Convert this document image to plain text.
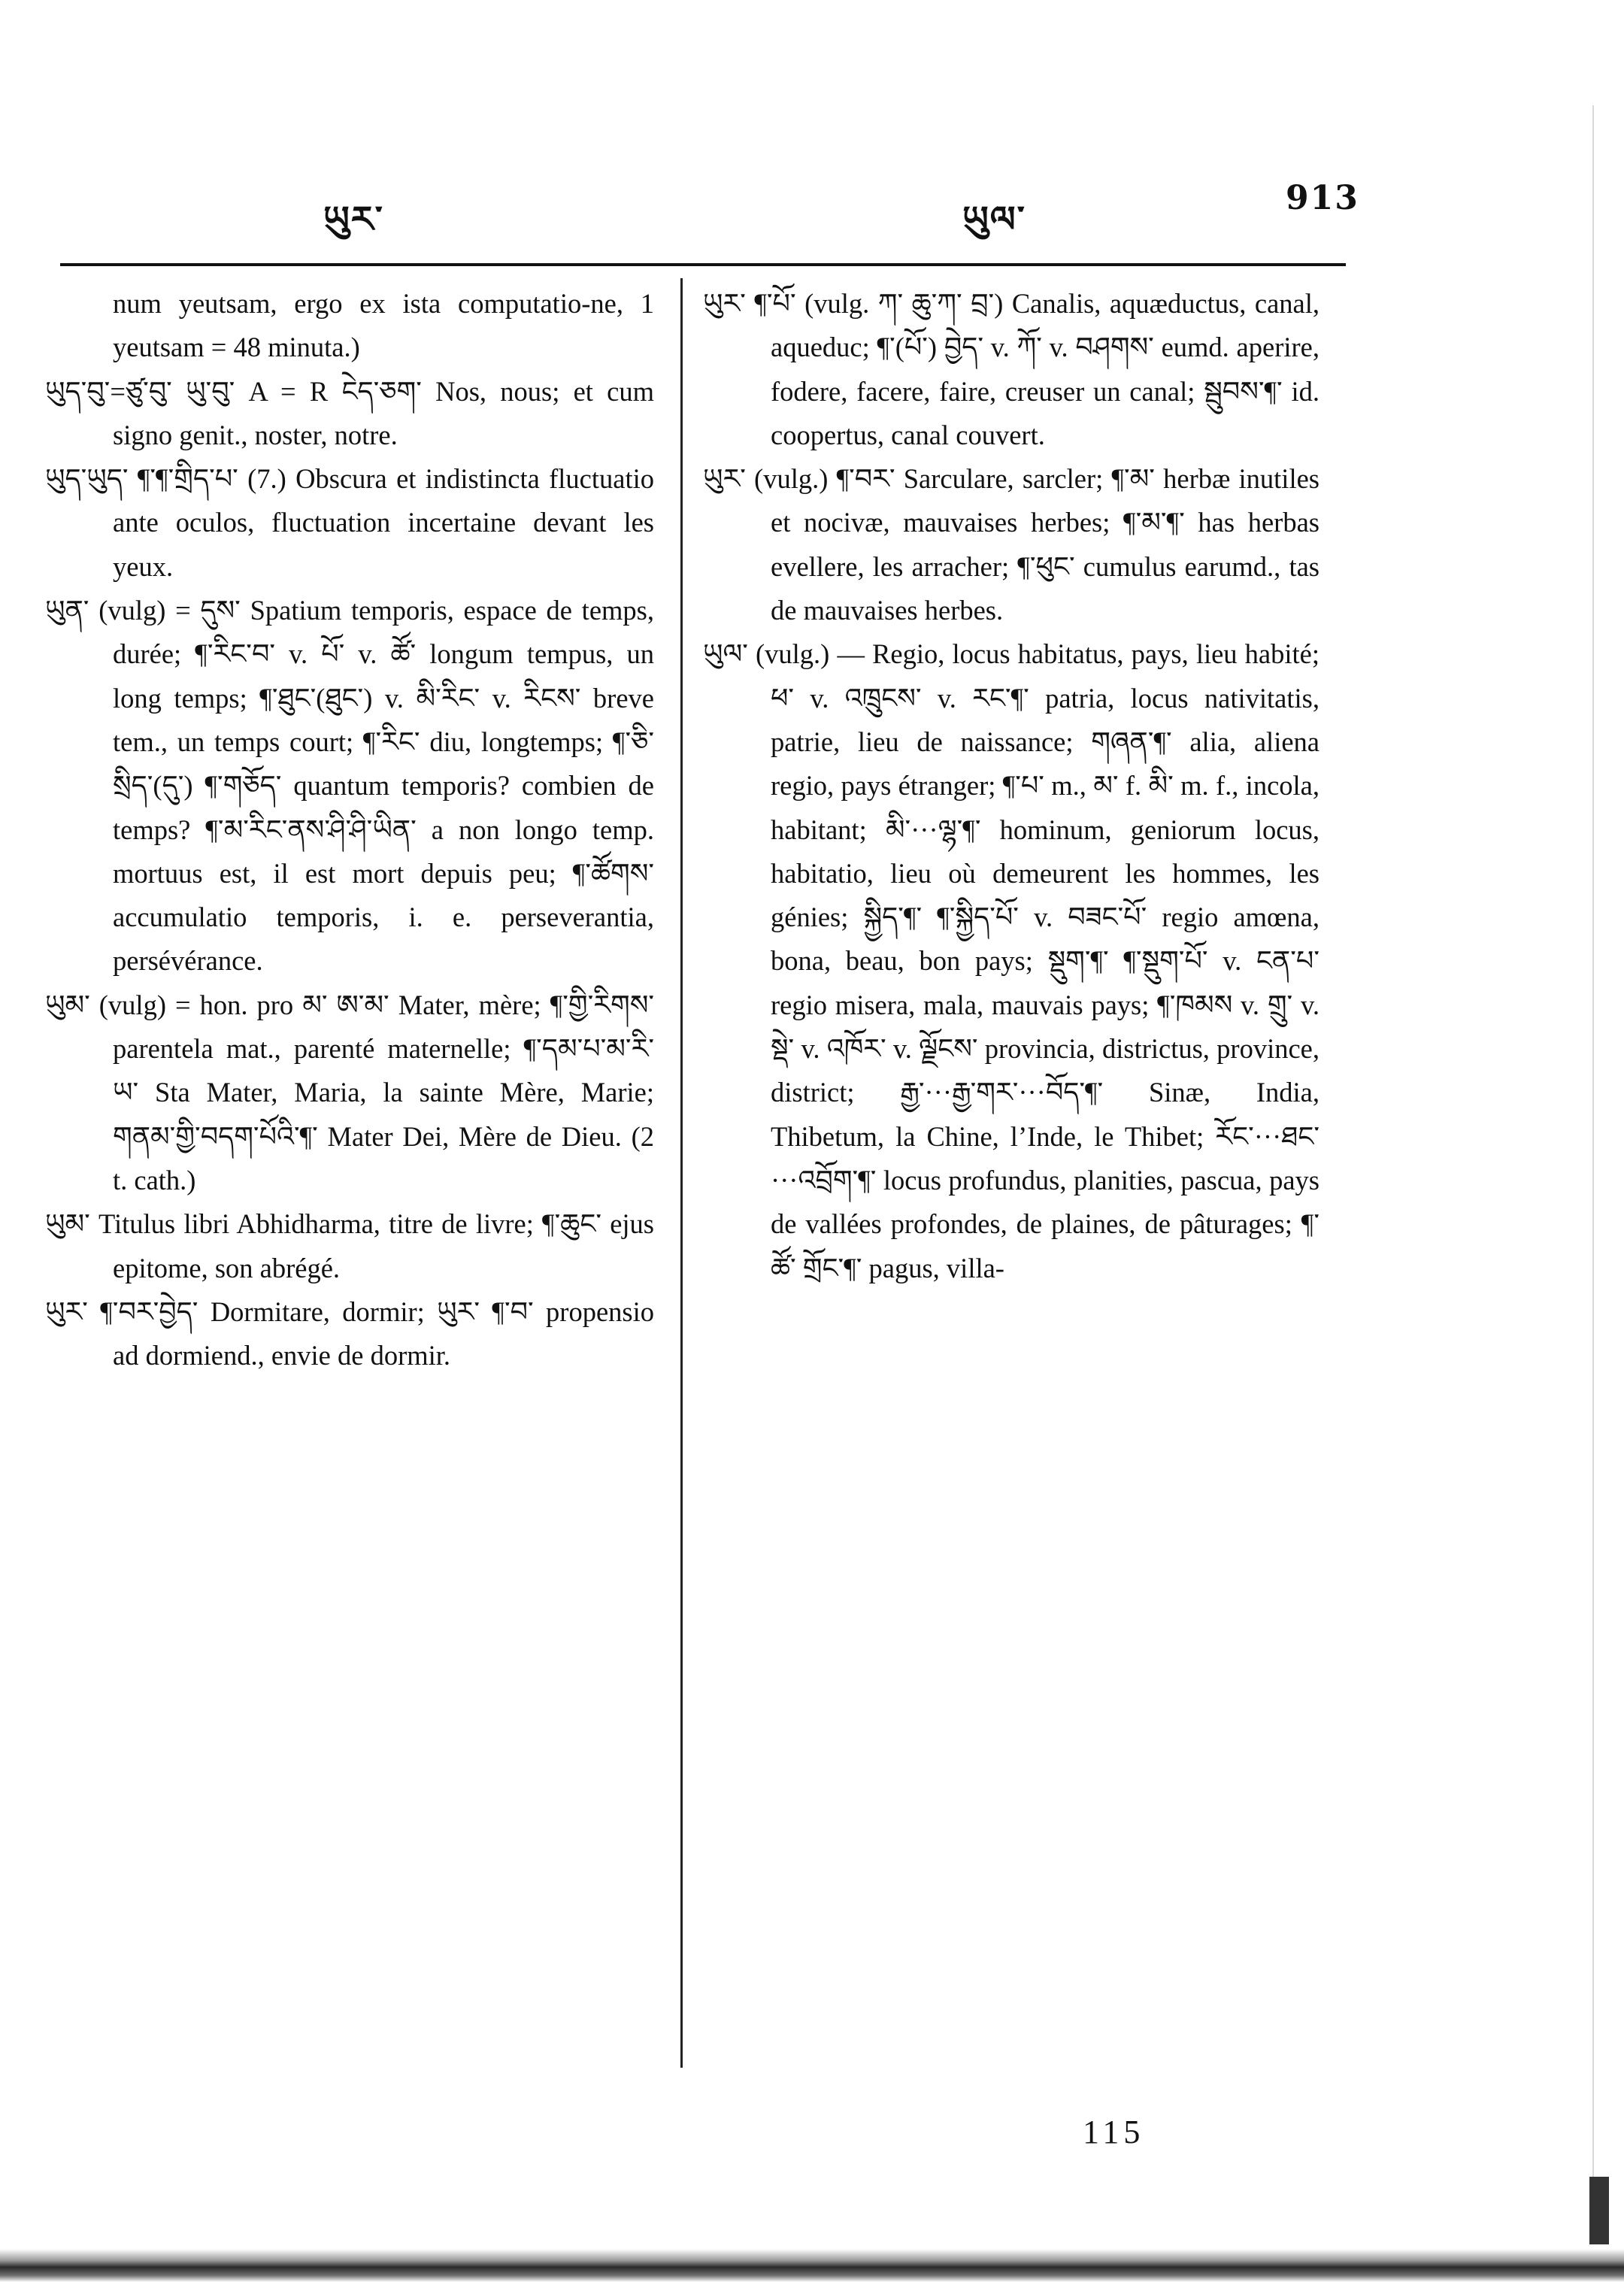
ཡུར་	ཡུལ་
913

num yeutsam, ergo ex ista computatio-ne, 1 yeutsam = 48 minuta.)

ཡུད་བུ་=ཙུ་བུ་ ཡུ་བུ་ A = R ངེད་ཅག་ Nos, nous; et cum signo genit., noster, notre.

ཡུད་ཡུད་ ¶་¶་གྲིད་པ་ (7.) Obscura et indistincta fluctuatio ante oculos, fluctuation incertaine devant les yeux.

ཡུན་ (vulg) = དུས་ Spatium temporis, espace de temps, durée; ¶་རིང་བ་ v. པོ་ v. ཚོ་ longum tempus, un long temps; ¶་ཐུང་(ཐུང་) v. མི་རིང་ v. རིངས་ breve tem., un temps court; ¶་རིང་ diu, longtemps; ¶་ཅི་སྲིད་(དུ་) ¶་གཅོད་ quantum temporis? combien de temps? ¶་མ་རིང་ནས་ཤི་ཤི་ཡིན་ a non longo temp. mortuus est, il est mort depuis peu; ¶་ཚོགས་ accumulatio temporis, i. e. perseverantia, persévérance.

ཡུམ་ (vulg) = hon. pro མ་ ཨ་མ་ Mater, mère; ¶་གྱི་རིགས་ parentela mat., parenté maternelle; ¶་དམ་པ་མ་རི་ཡ་ Sta Mater, Maria, la sainte Mère, Marie; གནམ་གྱི་བདག་པོའི་¶་ Mater Dei, Mère de Dieu. (2 t. cath.)

ཡུམ་ Titulus libri Abhidharma, titre de livre; ¶་ཆུང་ ejus epitome, son abrégé.

ཡུར་ ¶་བར་བྱེད་ Dormitare, dormir; ཡུར་ ¶་བ་ propensio ad dormiend., envie de dormir.

ཡུར་ ¶་པོ་ (vulg. ཀ་ ཆུ་ཀ་ བྲ་) Canalis, aquæductus, canal, aqueduc; ¶་(པོ་) བྱེད་ v. ཀོ་ v. བཤགས་ eumd. aperire, fodere, facere, faire, creuser un canal; སྦུབས་¶་ id. coopertus, canal couvert.

ཡུར་ (vulg.) ¶་བར་ Sarculare, sarcler; ¶་མ་ herbæ inutiles et nocivæ, mauvaises herbes; ¶་མ་¶་ has herbas evellere, les arracher; ¶་ཕུང་ cumulus earumd., tas de mauvaises herbes.

ཡུལ་ (vulg.) — Regio, locus habitatus, pays, lieu habité; ཕ་ v. འཁྲུངས་ v. རང་¶་ patria, locus nativitatis, patrie, lieu de naissance; གཞན་¶་ alia, aliena regio, pays étranger; ¶་པ་ m., མ་ f. མི་ m. f., incola, habitant; མི་···ལྷ་¶་ hominum, geniorum locus, habitatio, lieu où demeurent les hommes, les génies; སྐྱིད་¶་ ¶་སྐྱིད་པོ་ v. བཟང་པོ་ regio amœna, bona, beau, bon pays; སྡུག་¶་ ¶་སྡུག་པོ་ v. ངན་པ་ regio misera, mala, mauvais pays; ¶་ཁམས v. གྲུ་ v. སྡེ་ v. འཁོར་ v. ལྗོངས་ provincia, districtus, province, district; རྒྱ་···རྒྱ་གར་···བོད་¶་ Sinæ, India, Thibetum, la Chine, l’Inde, le Thibet; རོང་···ཐང་···འབྲོག་¶་ locus profundus, planities, pascua, pays de vallées profondes, de plaines, de pâturages; ¶་ཚོ་ གྲོང་¶་ pagus, villa-

115
